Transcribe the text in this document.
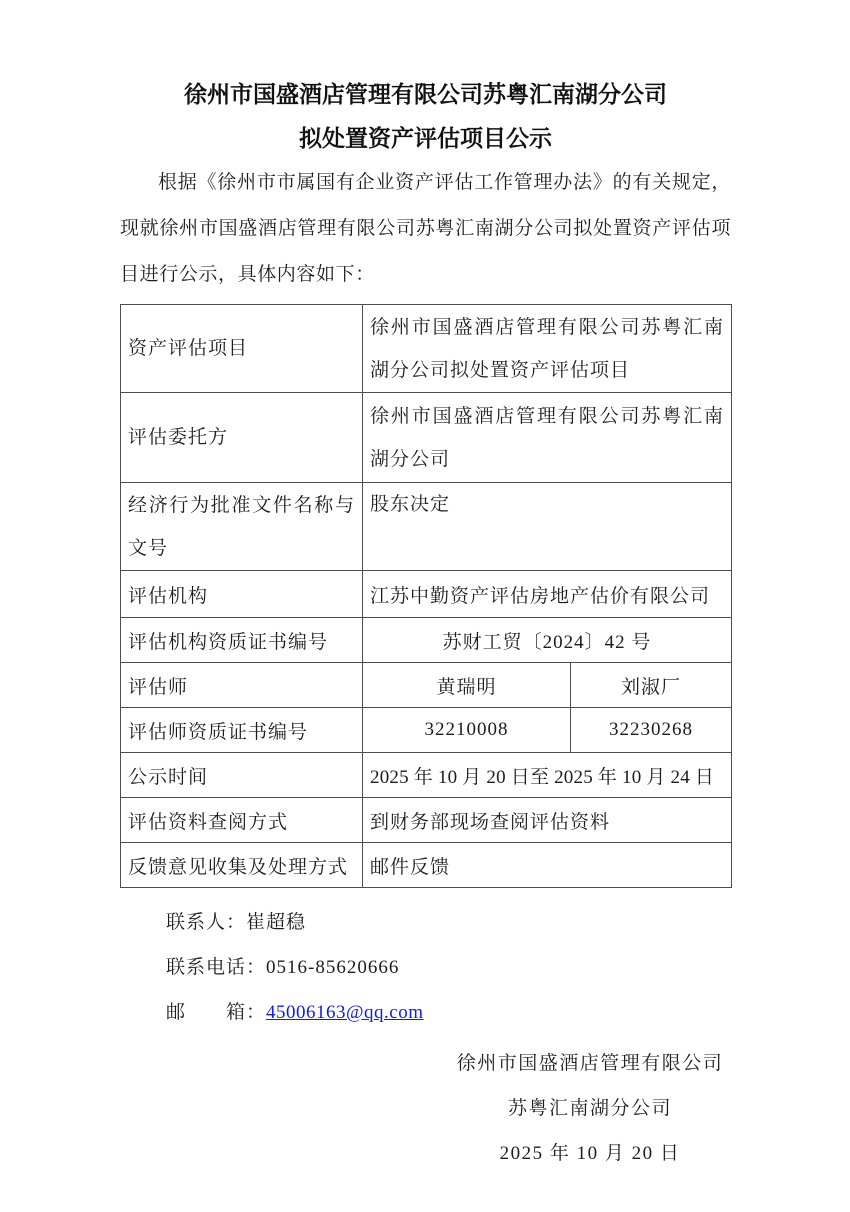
徐州市国盛酒店管理有限公司苏粤汇南湖分公司
拟处置资产评估项目公示

根据《徐州市市属国有企业资产评估工作管理办法》的有关规定，现就徐州市国盛酒店管理有限公司苏粤汇南湖分公司拟处置资产评估项目进行公示，具体内容如下：

资产评估项目	徐州市国盛酒店管理有限公司苏粤汇南湖分公司拟处置资产评估项目	
评估委托方	徐州市国盛酒店管理有限公司苏粤汇南湖分公司	
经济行为批准文件名称与文号	股东决定	
评估机构	江苏中勤资产评估房地产估价有限公司	
评估机构资质证书编号	苏财工贸〔2024〕42 号	
评估师	黄瑞明	刘淑厂
评估师资质证书编号	32210008	32230268
公示时间	2025 年 10 月 20 日至 2025 年 10 月 24 日	
评估资料查阅方式	到财务部现场查阅评估资料	
反馈意见收集及处理方式	邮件反馈	
联系人：崔超稳
联系电话：0516-85620666
邮　　箱：45006163@qq.com
徐州市国盛酒店管理有限公司
苏粤汇南湖分公司
2025 年 10 月 20 日
